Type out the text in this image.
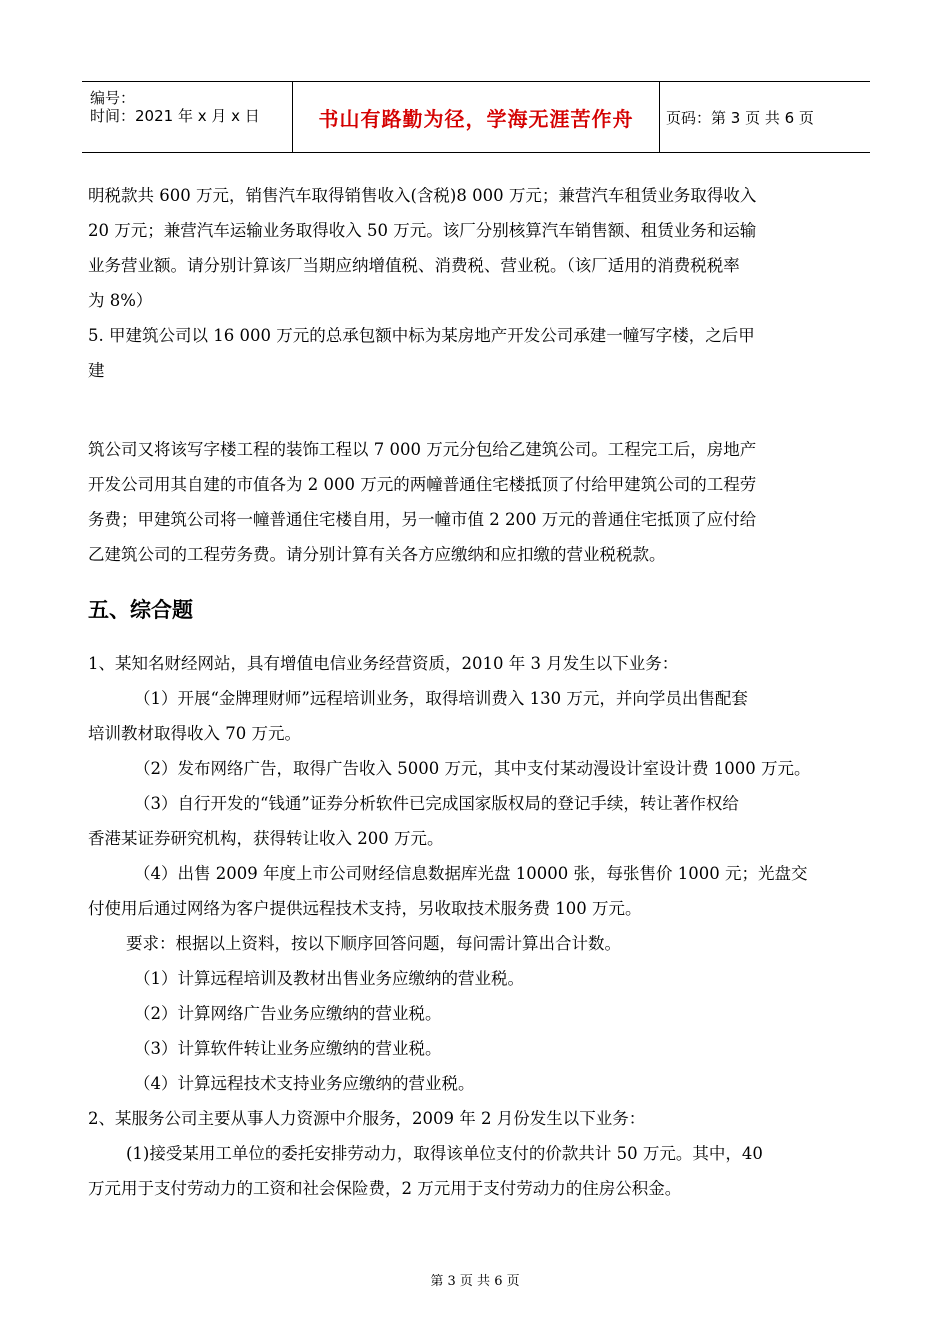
编号：
时间：2021 年 x 月 x 日	书山有路勤为径，学海无涯苦作舟	页码：第 3 页 共 6 页

明税款共 600 万元，销售汽车取得销售收入(含税)8 000 万元；兼营汽车租赁业务取得收入

20 万元；兼营汽车运输业务取得收入 50 万元。该厂分别核算汽车销售额、租赁业务和运输

业务营业额。请分别计算该厂当期应纳增值税、消费税、营业税。（该厂适用的消费税税率

为 8%）

5. 甲建筑公司以 16 000 万元的总承包额中标为某房地产开发公司承建一幢写字楼，之后甲

建

筑公司又将该写字楼工程的装饰工程以 7 000 万元分包给乙建筑公司。工程完工后，房地产

开发公司用其自建的市值各为 2 000 万元的两幢普通住宅楼抵顶了付给甲建筑公司的工程劳

务费；甲建筑公司将一幢普通住宅楼自用，另一幢市值 2 200 万元的普通住宅抵顶了应付给

乙建筑公司的工程劳务费。请分别计算有关各方应缴纳和应扣缴的营业税税款。

五、综合题

1、某知名财经网站，具有增值电信业务经营资质，2010 年 3 月发生以下业务：

（1）开展“金牌理财师”远程培训业务，取得培训费入 130 万元，并向学员出售配套

培训教材取得收入 70 万元。

（2）发布网络广告，取得广告收入 5000 万元，其中支付某动漫设计室设计费 1000 万元。

（3）自行开发的“钱通”证券分析软件已完成国家版权局的登记手续，转让著作权给

香港某证券研究机构，获得转让收入 200 万元。

（4）出售 2009 年度上市公司财经信息数据库光盘 10000 张，每张售价 1000 元；光盘交

付使用后通过网络为客户提供远程技术支持，另收取技术服务费 100 万元。

要求：根据以上资料，按以下顺序回答问题，每问需计算出合计数。

（1）计算远程培训及教材出售业务应缴纳的营业税。

（2）计算网络广告业务应缴纳的营业税。

（3）计算软件转让业务应缴纳的营业税。

（4）计算远程技术支持业务应缴纳的营业税。

2、某服务公司主要从事人力资源中介服务，2009 年 2 月份发生以下业务：

(1)接受某用工单位的委托安排劳动力，取得该单位支付的价款共计 50 万元。其中，40

万元用于支付劳动力的工资和社会保险费，2 万元用于支付劳动力的住房公积金。

第 3 页 共 6 页
